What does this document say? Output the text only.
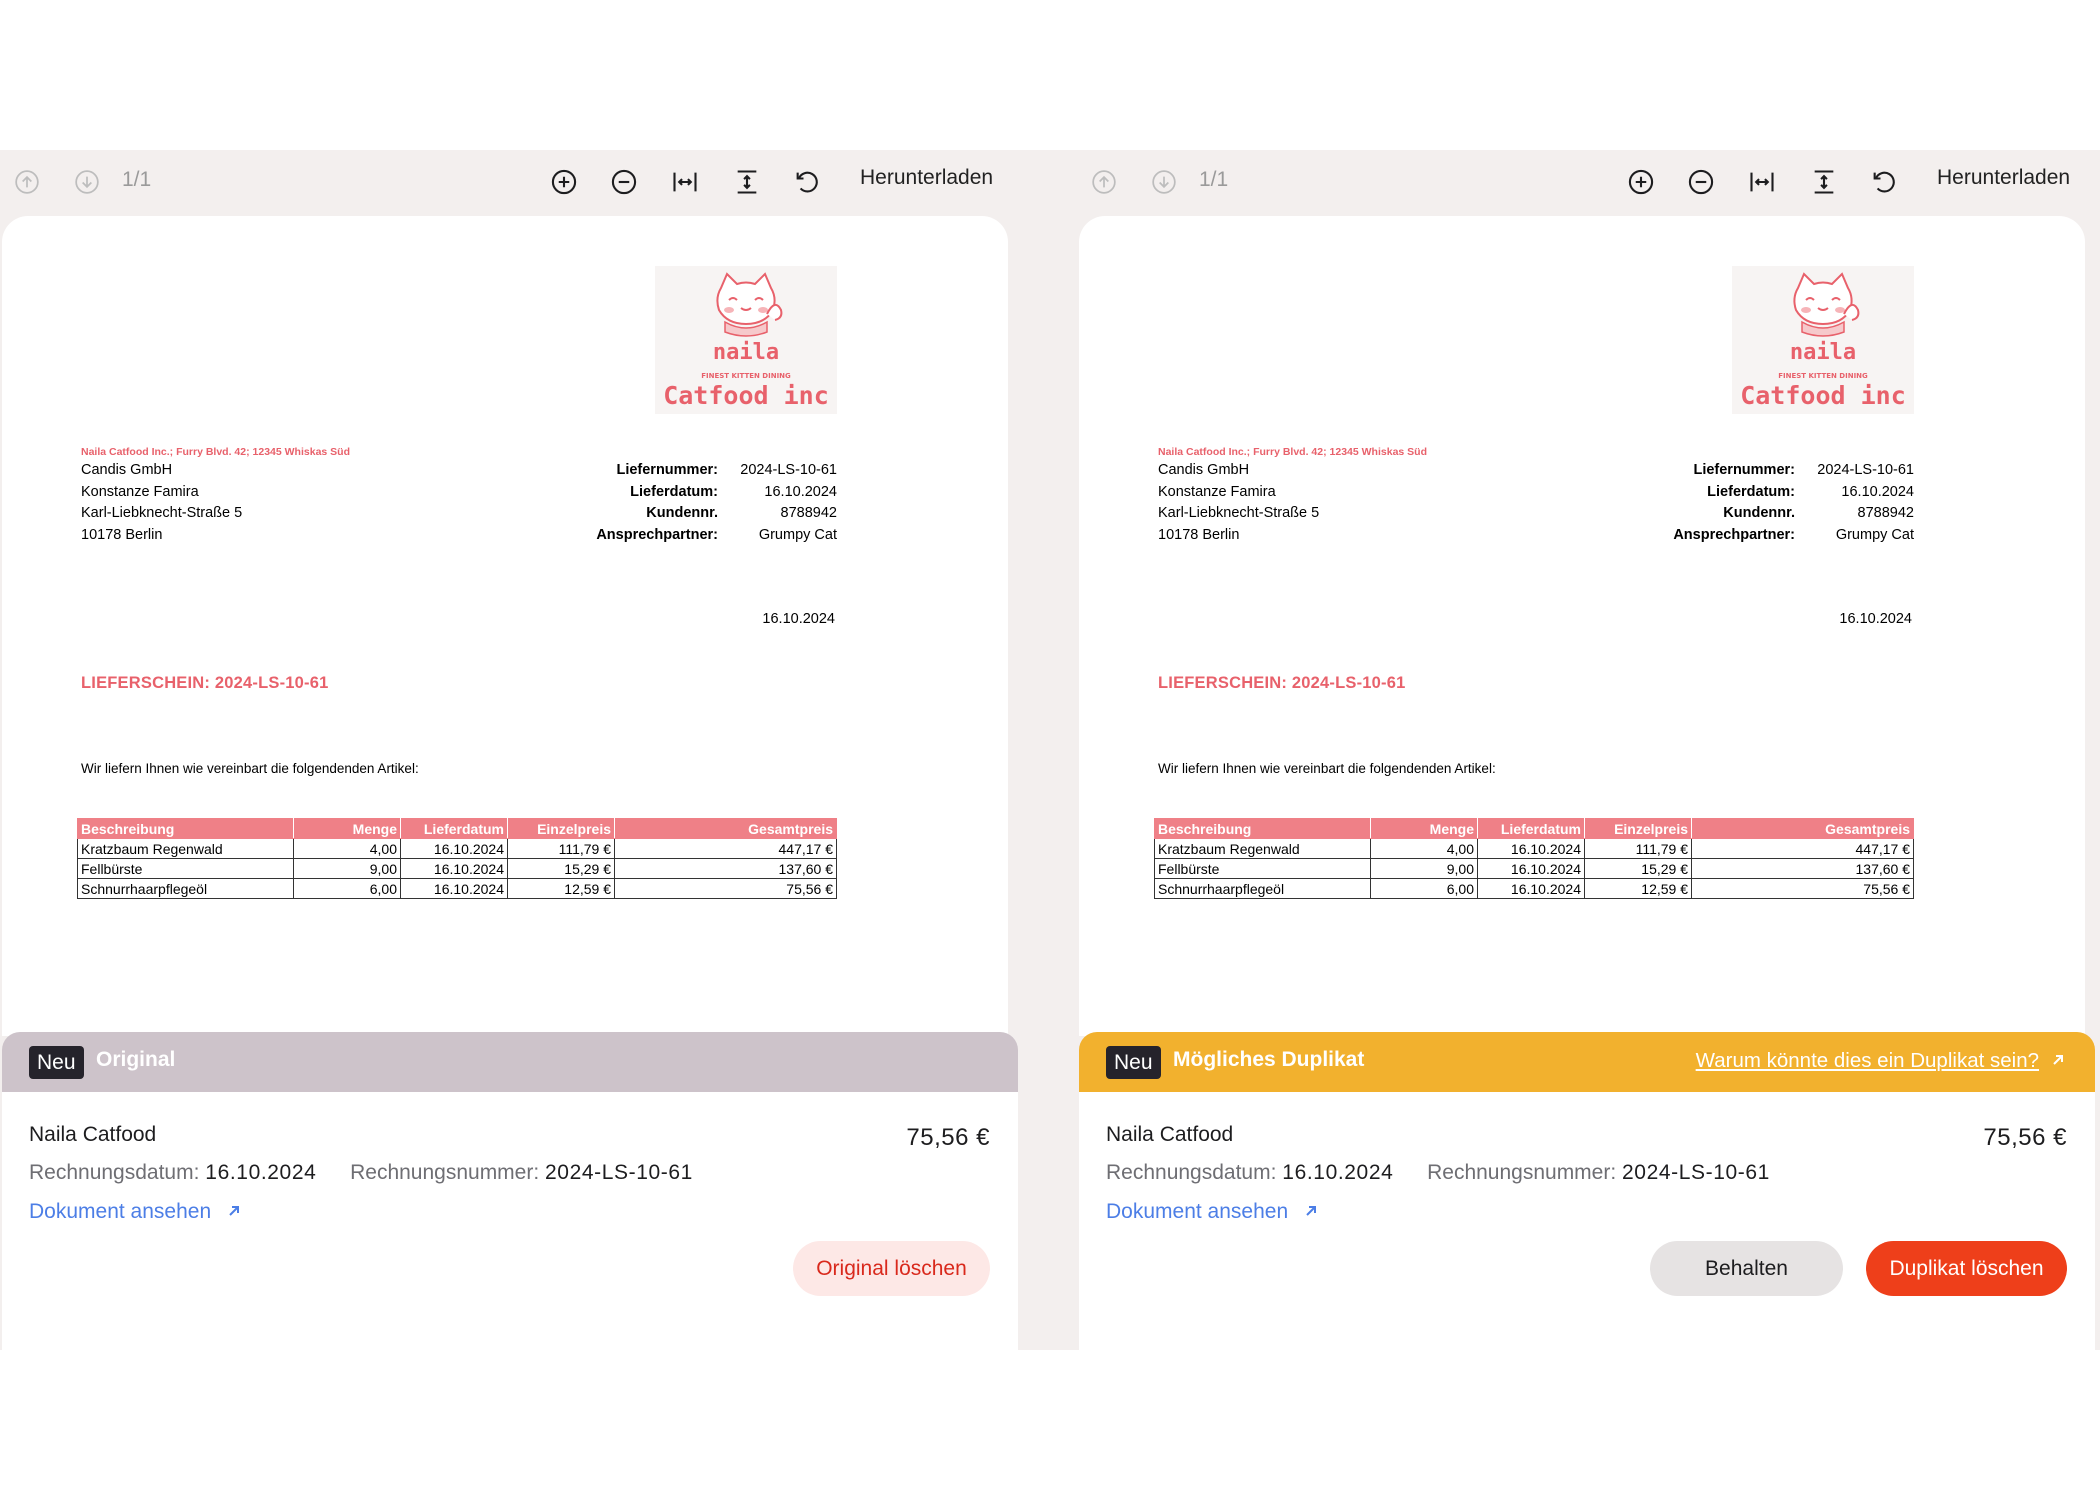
1/1	Herunterladen
naila
FINEST KITTEN DINING
Catfood inc
Naila Catfood Inc.; Furry Blvd. 42; 12345 Whiskas Süd
Candis GmbH
Konstanze Famira
Karl-Liebknecht-Straße 5
10178 Berlin
Liefernummer:	2024-LS-10-61
Lieferdatum:	16.10.2024
Kundennr.	8788942
Ansprechpartner:	Grumpy Cat
16.10.2024
LIEFERSCHEIN: 2024-LS-10-61
Wir liefern Ihnen wie vereinbart die folgendenden Artikel:
Beschreibung	Menge	Lieferdatum	Einzelpreis	Gesamtpreis
Kratzbaum Regenwald	4,00	16.10.2024	111,79 €	447,17 €
Fellbürste	9,00	16.10.2024	15,29 €	137,60 €
Schnurrhaarpflegeöl	6,00	16.10.2024	12,59 €	75,56 €
Neu Original
Naila Catfood	75,56 €
Rechnungsdatum: 16.10.2024 Rechnungsnummer: 2024-LS-10-61
Dokument ansehen
Original löschen
1/1	Herunterladen
naila
FINEST KITTEN DINING
Catfood inc
Naila Catfood Inc.; Furry Blvd. 42; 12345 Whiskas Süd
Candis GmbH
Konstanze Famira
Karl-Liebknecht-Straße 5
10178 Berlin
Liefernummer:	2024-LS-10-61
Lieferdatum:	16.10.2024
Kundennr.	8788942
Ansprechpartner:	Grumpy Cat
16.10.2024
LIEFERSCHEIN: 2024-LS-10-61
Wir liefern Ihnen wie vereinbart die folgendenden Artikel:
Beschreibung	Menge	Lieferdatum	Einzelpreis	Gesamtpreis
Kratzbaum Regenwald	4,00	16.10.2024	111,79 €	447,17 €
Fellbürste	9,00	16.10.2024	15,29 €	137,60 €
Schnurrhaarpflegeöl	6,00	16.10.2024	12,59 €	75,56 €
Neu Mögliches Duplikat	Warum könnte dies ein Duplikat sein?
Naila Catfood	75,56 €
Rechnungsdatum: 16.10.2024 Rechnungsnummer: 2024-LS-10-61
Dokument ansehen
Behalten	Duplikat löschen
